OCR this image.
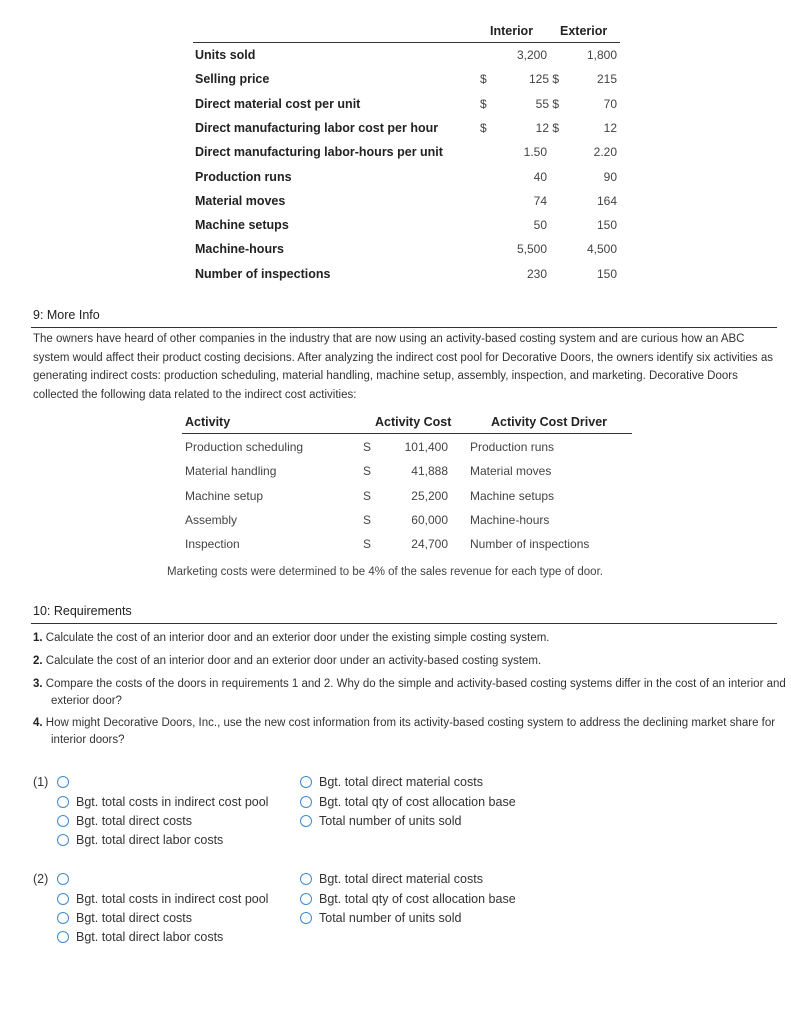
Interior Exterior
Units sold	3,200	1,800
Selling price	$	125 $	215
Direct material cost per unit	$	55 $	70
Direct manufacturing labor cost per hour	$	12 $	12
Direct manufacturing labor-hours per unit	1.50	2.20
Production runs	40	90
Material moves	74	164
Machine setups	50	150
Machine-hours	5,500	4,500
Number of inspections	230	150
9: More Info
The owners have heard of other companies in the industry that are now using an activity-based costing system and are curious how an ABC system would affect their product costing decisions. After analyzing the indirect cost pool for Decorative Doors, the owners identify six activities as generating indirect costs: production scheduling, material handling, machine setup, assembly, inspection, and marketing. Decorative Doors collected the following data related to the indirect cost activities:
Activity	Activity Cost	Activity Cost Driver
Production scheduling	S	101,400 Production runs
Material handling	S	41,888 Material moves
Machine setup	S	25,200 Machine setups
Assembly	S	60,000 Machine-hours
Inspection	S	24,700 Number of inspections
Marketing costs were determined to be 4% of the sales revenue for each type of door.
10: Requirements
1. Calculate the cost of an interior door and an exterior door under the existing simple costing system.
2. Calculate the cost of an interior door and an exterior door under an activity-based costing system.
3. Compare the costs of the doors in requirements 1 and 2. Why do the simple and activity-based costing systems differ in the cost of an interior and exterior door?
4. How might Decorative Doors, Inc., use the new cost information from its activity-based costing system to address the declining market share for interior doors?
(1)
Bgt. total costs in indirect cost pool
Bgt. total direct costs
Bgt. total direct labor costs
Bgt. total direct material costs
Bgt. total qty of cost allocation base
Total number of units sold
(2)
Bgt. total costs in indirect cost pool
Bgt. total direct costs
Bgt. total direct labor costs
Bgt. total direct material costs
Bgt. total qty of cost allocation base
Total number of units sold
